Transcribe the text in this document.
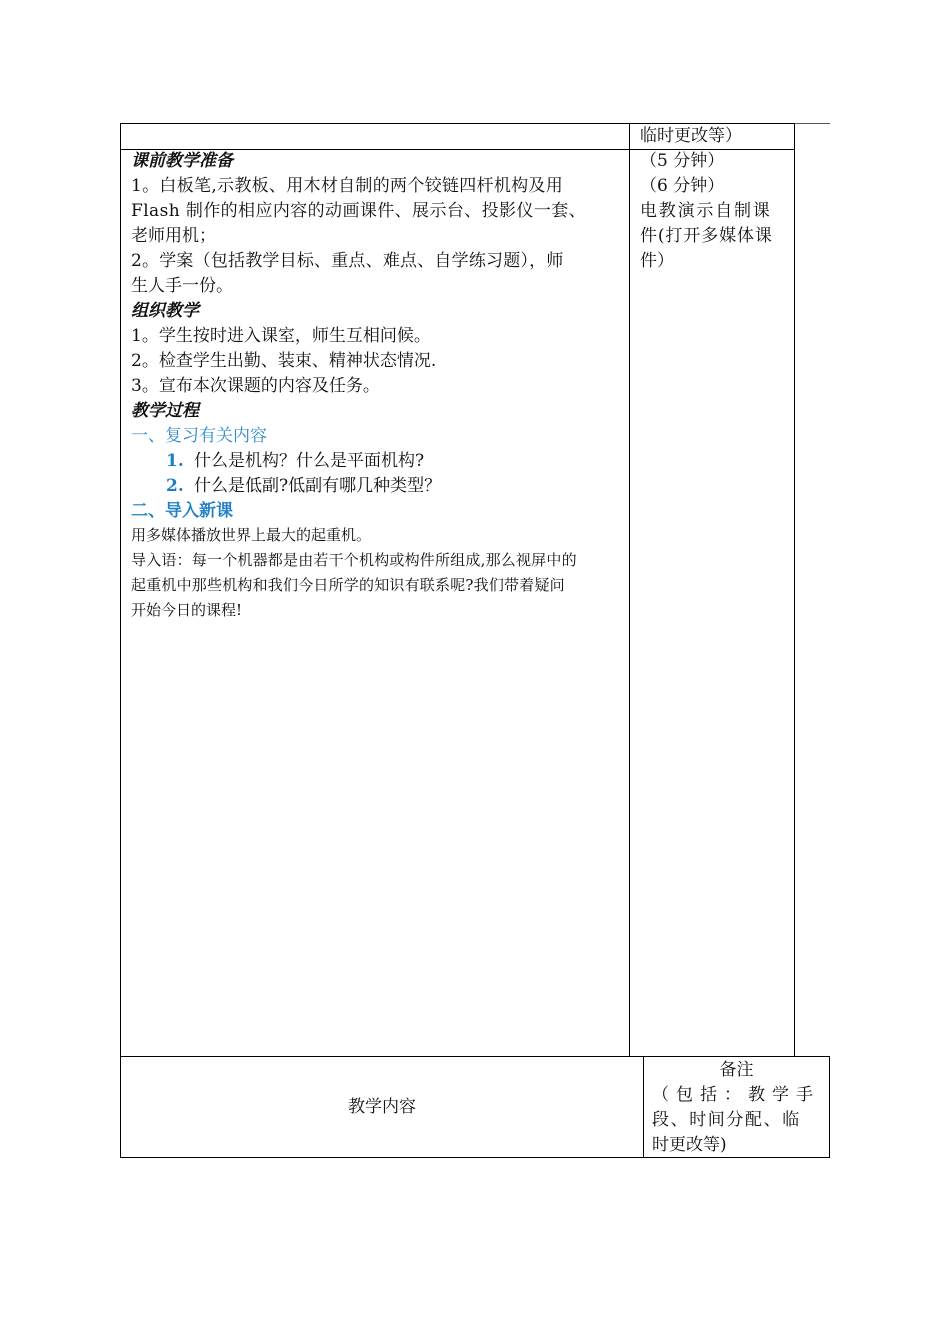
临时更改等）
课前教学准备
1。白板笔,示教板、用木材自制的两个铰链四杆机构及用
Flash 制作的相应内容的动画课件、展示台、投影仪一套、
老师用机；
2。学案（包括教学目标、重点、难点、自学练习题），师
生人手一份。
组织教学
1。学生按时进入课室，师生互相问候。
2。检查学生出勤、装束、精神状态情况.
3。宣布本次课题的内容及任务。
教学过程
一、复习有关内容
1. 什么是机构？什么是平面机构?
2. 什么是低副?低副有哪几种类型？
二、导入新课
用多媒体播放世界上最大的起重机。
导入语：每一个机器都是由若干个机构或构件所组成,那么视屏中的
起重机中那些机构和我们今日所学的知识有联系呢?我们带着疑问
开始今日的课程!
（5 分钟）
（6 分钟）
电教演示自制课
件(打开多媒体课
件）
教学内容
备注
（包括：教学手
段、时间分配、临
时更改等)
